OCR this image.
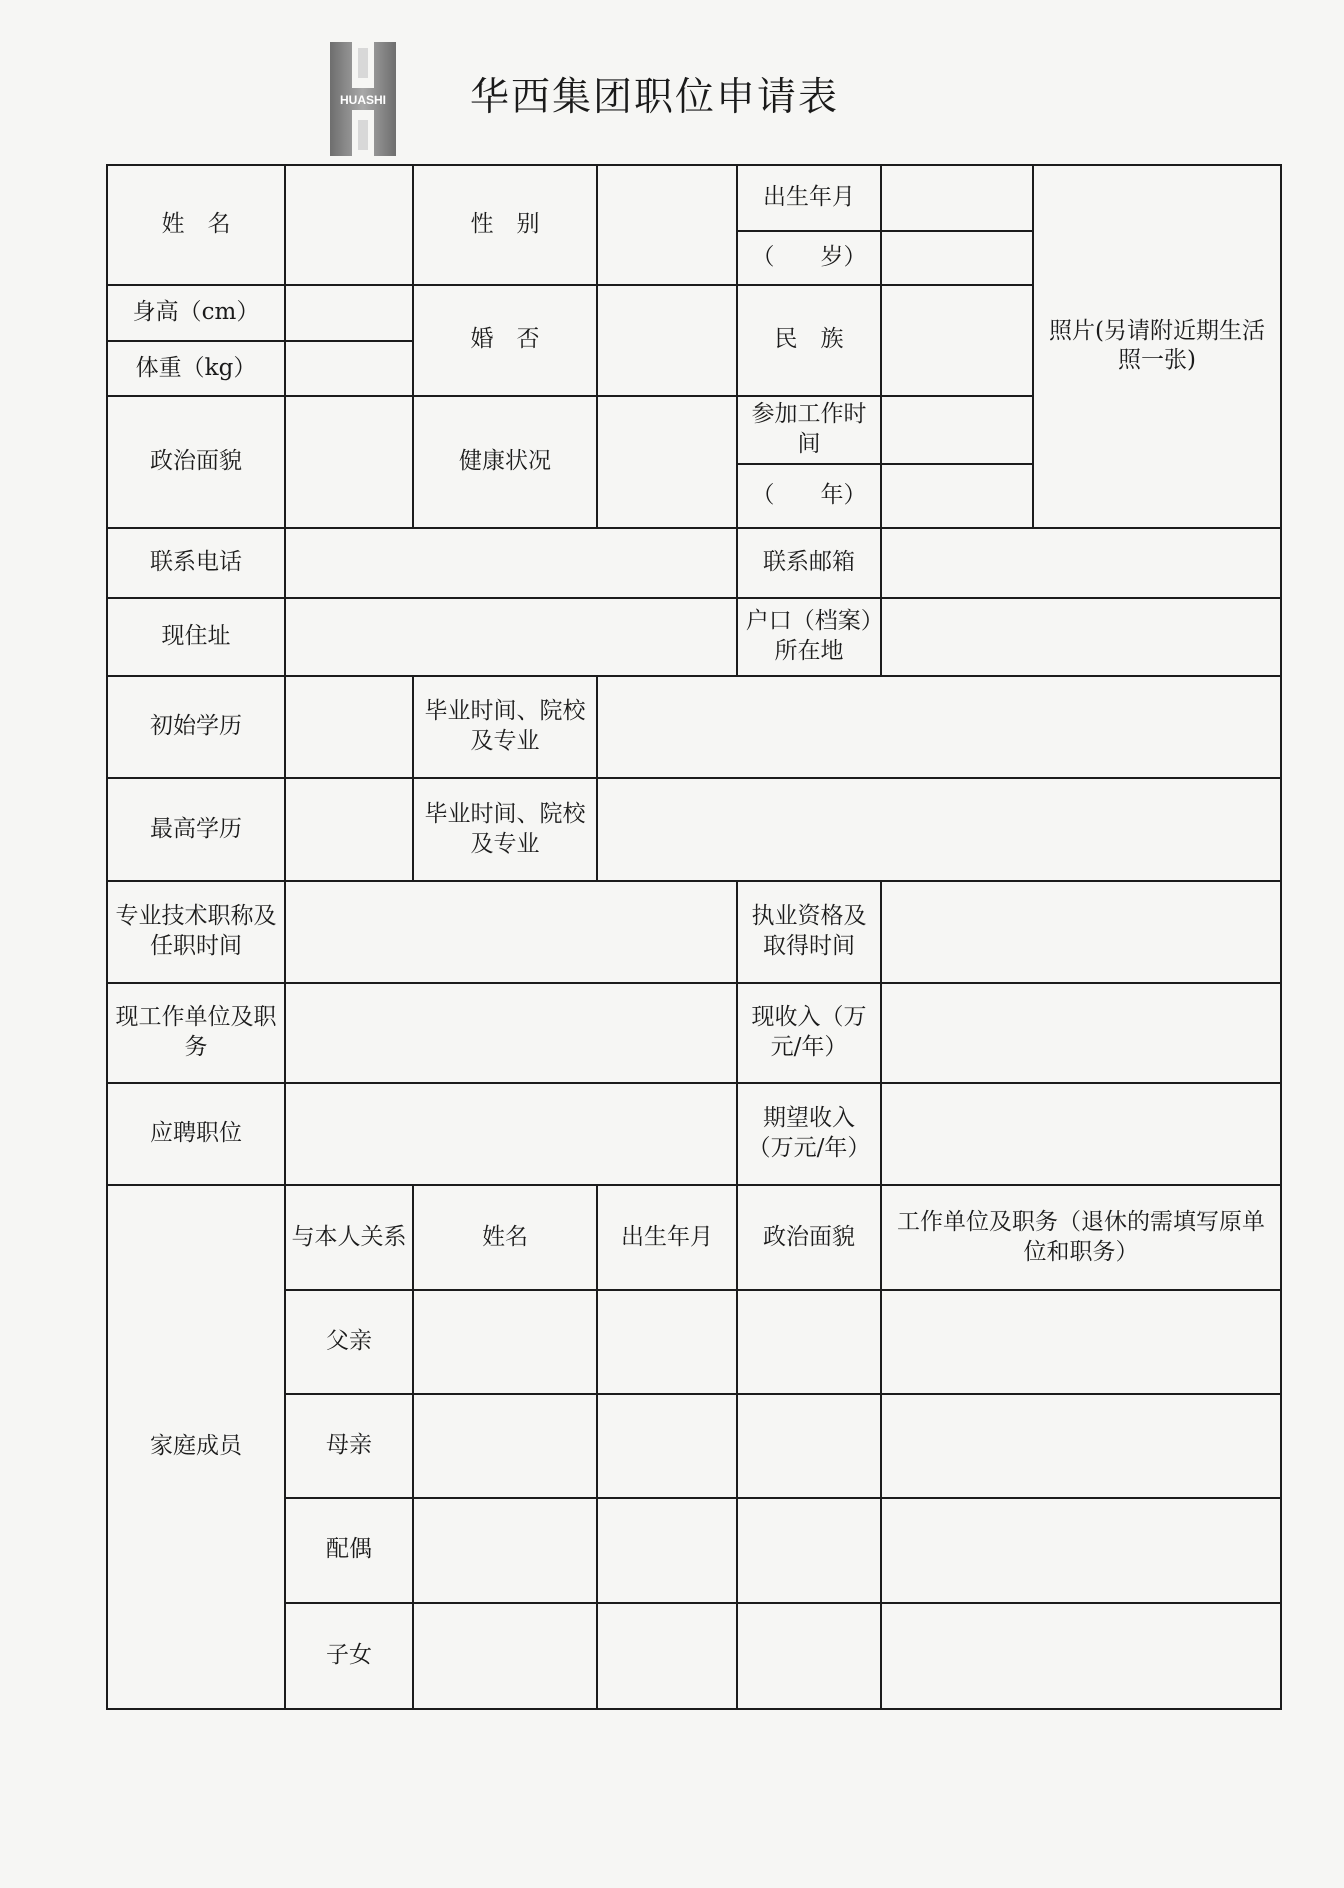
HUASHI 华西集团职位申请表
姓　名		性　别		出生年月		照片(另请附近期生活照一张)
				（　　岁）		
身高（cm）		婚　否		民　族		
体重（kg）						
政治面貌		健康状况		参加工作时间		
				（　　年）		
联系电话				联系邮箱		
现住址				户口（档案）所在地		
初始学历		毕业时间、院校及专业				
最高学历		毕业时间、院校及专业				
专业技术职称及任职时间				执业资格及取得时间		
现工作单位及职务				现收入（万元/年）		
应聘职位				期望收入（万元/年）		
家庭成员	与本人关系	姓名	出生年月	政治面貌	工作单位及职务（退休的需填写原单位和职务）	
	父亲					
	母亲					
	配偶					
	子女					
